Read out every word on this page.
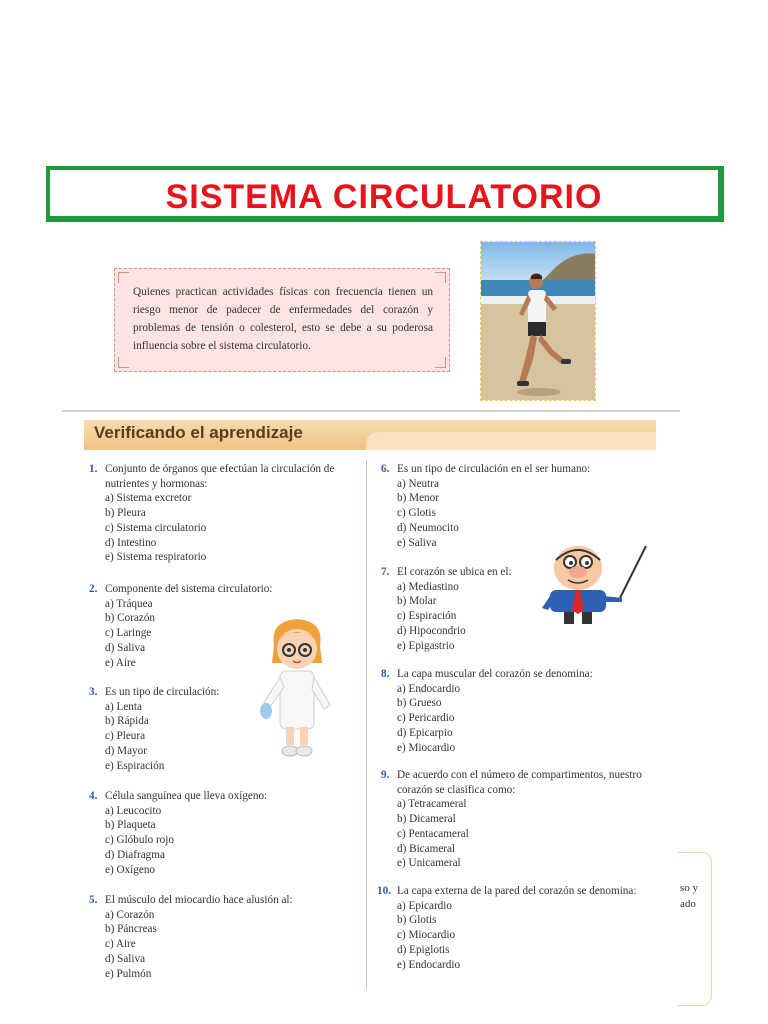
SISTEMA CIRCULATORIO
Quienes practican actividades físicas con frecuencia tienen un riesgo menor de padecer de enfermedades del corazón y problemas de tensión o colesterol, esto se debe a su poderosa influencia sobre el sistema circulatorio.
Verificando el aprendizaje
1. Conjunto de órganos que efectúan la circulación de nutrientes y hormonas:
a) Sistema excretor
b) Pleura
c) Sistema circulatorio
d) Intestino
e) Sistema respiratorio
2. Componente del sistema circulatorio:
a) Tráquea
b) Corazón
c) Laringe
d) Saliva
e) Aire
3. Es un tipo de circulación:
a) Lenta
b) Rápida
c) Pleura
d) Mayor
e) Espiración
4. Célula sanguínea que lleva oxígeno:
a) Leucocito
b) Plaqueta
c) Glóbulo rojo
d) Diafragma
e) Oxígeno
5. El músculo del miocardio hace alusión al:
a) Corazón
b) Páncreas
c) Aire
d) Saliva
e) Pulmón
6. Es un tipo de circulación en el ser humano:
a) Neutra
b) Menor
c) Glotis
d) Neumocito
e) Saliva
7. El corazón se ubica en el:
a) Mediastino
b) Molar
c) Espiración
d) Hipocondrio
e) Epigastrio
8. La capa muscular del corazón se denomina:
a) Endocardio
b) Grueso
c) Pericardio
d) Epicarpio
e) Miocardio
9. De acuerdo con el número de compartimentos, nuestro corazón se clasifica como:
a) Tetracameral
b) Dicameral
c) Pentacameral
d) Bicameral
e) Unicameral
10. La capa externa de la pared del corazón se denomina:
a) Epicardio
b) Glotis
c) Miocardio
d) Epiglotis
e) Endocardio
so y
ado
